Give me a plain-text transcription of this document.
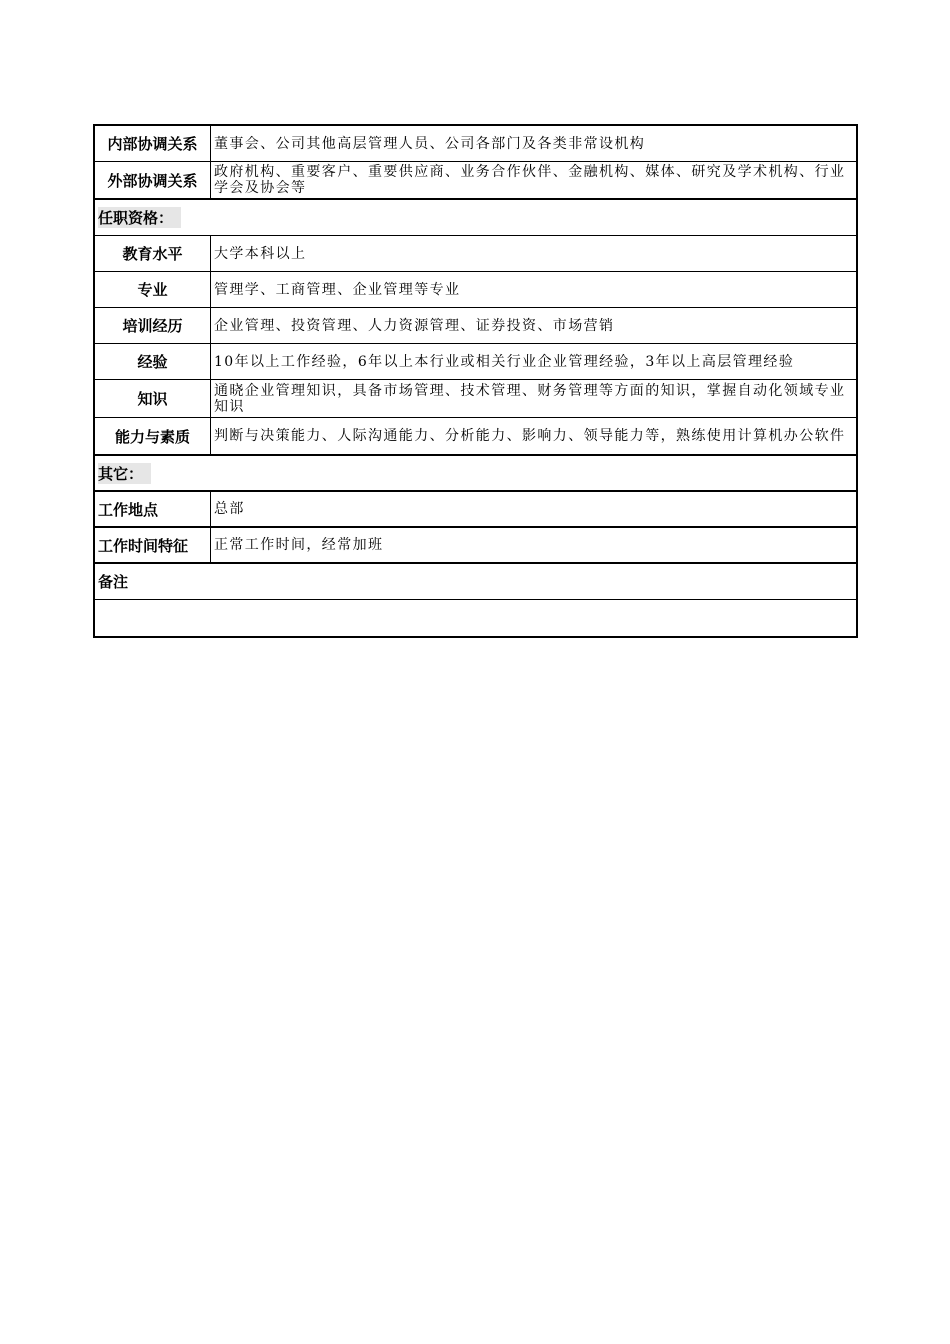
内部协调关系	董事会、公司其他高层管理人员、公司各部门及各类非常设机构
外部协调关系	政府机构、重要客户、重要供应商、业务合作伙伴、金融机构、媒体、研究及学术机构、行业学会及协会等
任职资格：
教育水平	大学本科以上
专业	管理学、工商管理、企业管理等专业
培训经历	企业管理、投资管理、人力资源管理、证券投资、市场营销
经验	10年以上工作经验，6年以上本行业或相关行业企业管理经验，3年以上高层管理经验
知识	通晓企业管理知识，具备市场管理、技术管理、财务管理等方面的知识，掌握自动化领域专业知识
能力与素质	判断与决策能力、人际沟通能力、分析能力、影响力、领导能力等，熟练使用计算机办公软件
其它：
工作地点	总部
工作时间特征	正常工作时间，经常加班
备注
